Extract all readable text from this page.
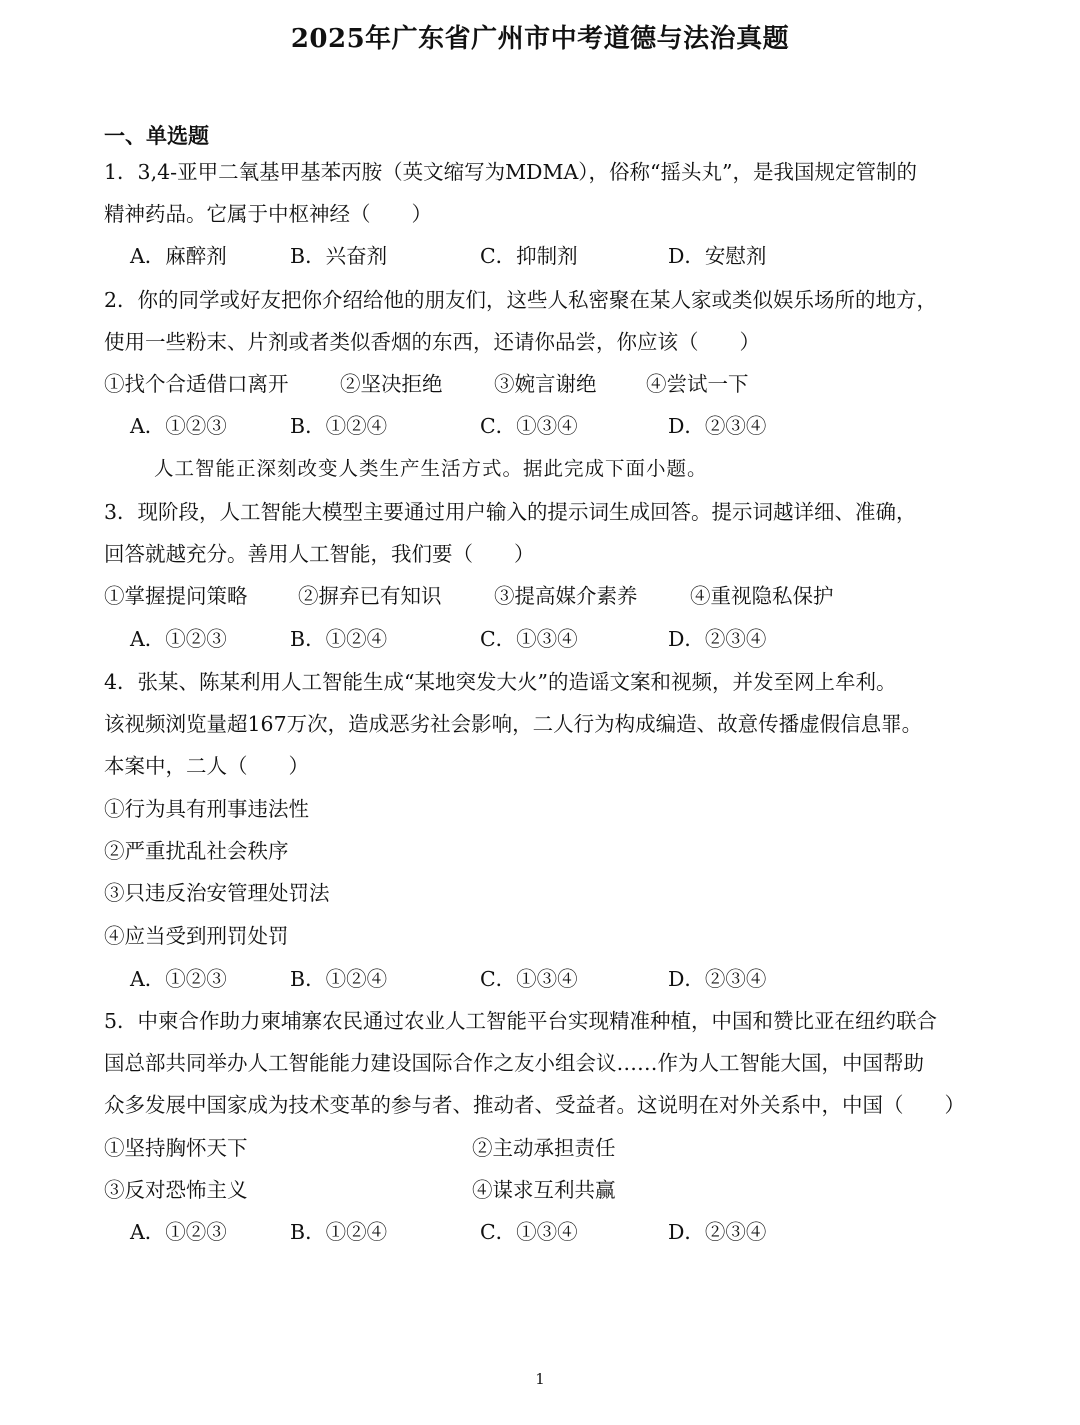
2025年广东省广州市中考道德与法治真题
一、单选题
1．3,4-亚甲二氧基甲基苯丙胺（英文缩写为MDMA），俗称“摇头丸”，是我国规定管制的
精神药品。它属于中枢神经（　　）
A．麻醉剂	B．兴奋剂	C．抑制剂	D．安慰剂
2．你的同学或好友把你介绍给他的朋友们，这些人私密聚在某人家或类似娱乐场所的地方，
使用一些粉末、片剂或者类似香烟的东西，还请你品尝，你应该（　　）
①找个合适借口离开	②坚决拒绝	③婉言谢绝 ④尝试一下
A．①②③	B．①②④	C．①③④	D．②③④
人工智能正深刻改变人类生产生活方式。据此完成下面小题。
3．现阶段，人工智能大模型主要通过用户输入的提示词生成回答。提示词越详细、准确，
回答就越充分。善用人工智能，我们要（　　）
①掌握提问策略 ②摒弃已有知识	③提高媒介素养	④重视隐私保护
A．①②③	B．①②④	C．①③④	D．②③④
4．张某、陈某利用人工智能生成“某地突发大火”的造谣文案和视频，并发至网上牟利。
该视频浏览量超167万次，造成恶劣社会影响，二人行为构成编造、故意传播虚假信息罪。
本案中，二人（　　）
①行为具有刑事违法性
②严重扰乱社会秩序
③只违反治安管理处罚法
④应当受到刑罚处罚
A．①②③	B．①②④	C．①③④	D．②③④
5．中柬合作助力柬埔寨农民通过农业人工智能平台实现精准种植，中国和赞比亚在纽约联合
国总部共同举办人工智能能力建设国际合作之友小组会议……作为人工智能大国，中国帮助
众多发展中国家成为技术变革的参与者、推动者、受益者。这说明在对外关系中，中国（　　）
①坚持胸怀天下	②主动承担责任
③反对恐怖主义	④谋求互利共赢
A．①②③	B．①②④	C．①③④	D．②③④
1
